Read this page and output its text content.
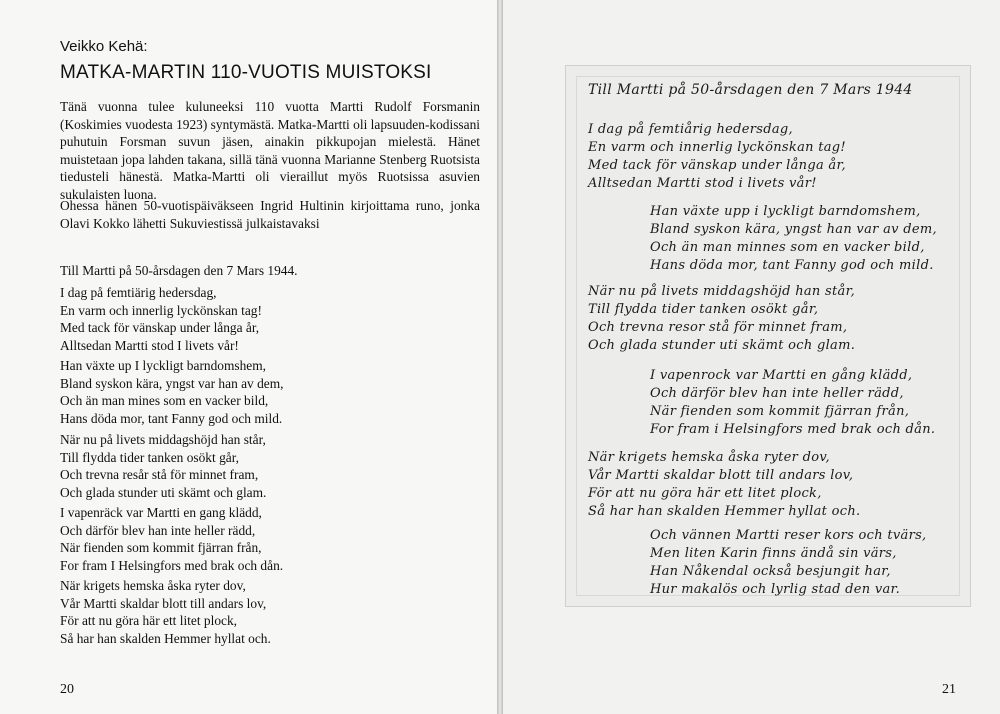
Veikko Kehä:
MATKA-MARTIN 110-VUOTIS MUISTOKSI

Tänä vuonna tulee kuluneeksi 110 vuotta Martti Rudolf Forsmanin (Koskimies vuodesta 1923) syntymästä. Matka-Martti oli lapsuuden-kodissani puhutuin Forsman suvun jäsen, ainakin pikkupojan mielestä. Hänet muistetaan jopa lahden takana, sillä tänä vuonna Marianne Stenberg Ruotsista tiedusteli hänestä. Matka-Martti oli vieraillut myös Ruotsissa asuvien sukulaisten luona.

Ohessa hänen 50-vuotispäiväkseen Ingrid Hultinin kirjoittama runo, jonka Olavi Kokko lähetti Sukuviestissä julkaistavaksi

Till Martti på 50-årsdagen den 7 Mars 1944.
I dag på femtiärig hedersdag,
En varm och innerlig lyckönskan tag!
Med tack för vänskap under långa år,
Alltsedan Martti stod I livets vår!
Han växte up I lyckligt barndomshem,
Bland syskon kära, yngst var han av dem,
Och än man mines som en vacker bild,
Hans döda mor, tant Fanny god och mild.
När nu på livets middagshöjd han står,
Till flydda tider tanken osökt går,
Och trevna resår stå för minnet fram,
Och glada stunder uti skämt och glam.
I vapenräck var Martti en gang klädd,
Och därför blev han inte heller rädd,
När fienden som kommit fjärran från,
For fram I Helsingfors med brak och dån.
När krigets hemska åska ryter dov,
Vår Martti skaldar blott till andars lov,
För att nu göra här ett litet plock,
Så har han skalden Hemmer hyllat och.
20	21
Till Martti på 50-årsdagen den 7 Mars 1944
I dag på femtiårig hedersdag,
En varm och innerlig lyckönskan tag!
Med tack för vänskap under långa år,
Alltsedan Martti stod i livets vår!
Han växte upp i lyckligt barndomshem,
Bland syskon kära, yngst han var av dem,
Och än man minnes som en vacker bild,
Hans döda mor, tant Fanny god och mild.
När nu på livets middagshöjd han står,
Till flydda tider tanken osökt går,
Och trevna resor stå för minnet fram,
Och glada stunder uti skämt och glam.
I vapenrock var Martti en gång klädd,
Och därför blev han inte heller rädd,
När fienden som kommit fjärran från,
For fram i Helsingfors med brak och dån.
När krigets hemska åska ryter dov,
Vår Martti skaldar blott till andars lov,
För att nu göra här ett litet plock,
Så har han skalden Hemmer hyllat och.
Och vännen Martti reser kors och tvärs,
Men liten Karin finns ändå sin värs,
Han Nåkendal också besjungit har,
Hur makalös och lyrlig stad den var.
